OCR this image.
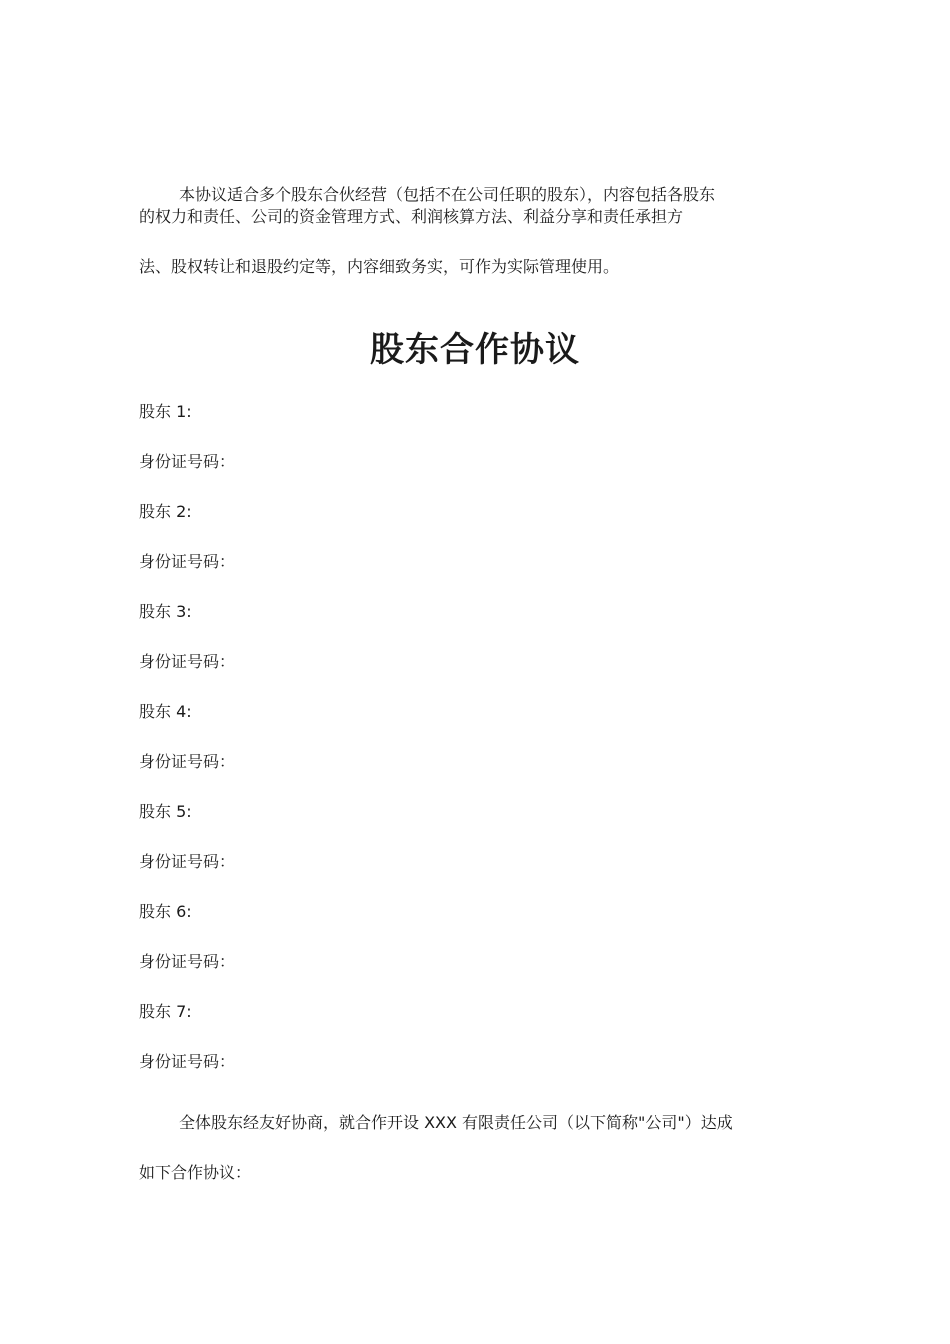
本协议适合多个股东合伙经营（包括不在公司任职的股东），内容包括各股东
的权力和责任、公司的资金管理方式、利润核算方法、利益分享和责任承担方
法、股权转让和退股约定等，内容细致务实，可作为实际管理使用。
股东合作协议
股东 1:
身份证号码：
股东 2:
身份证号码：
股东 3:
身份证号码：
股东 4:
身份证号码：
股东 5:
身份证号码：
股东 6:
身份证号码：
股东 7:
身份证号码：
全体股东经友好协商，就合作开设 XXX 有限责任公司（以下简称"公司"）达成
如下合作协议：
